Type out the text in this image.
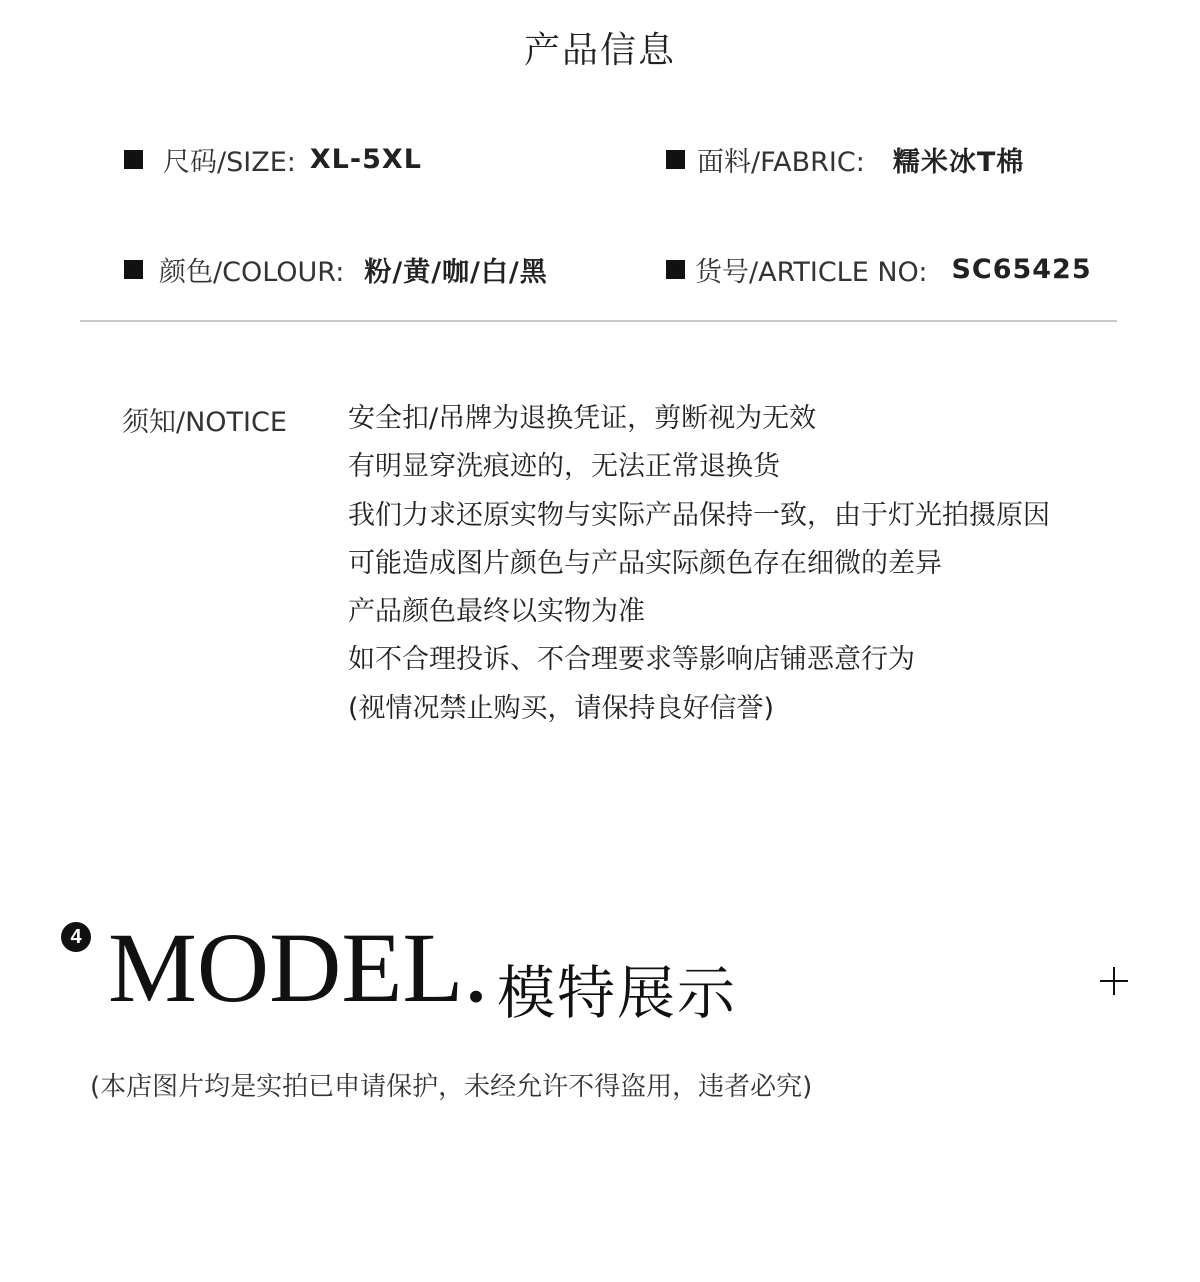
产品信息
尺码/SIZE: XL-5XL	面料/FABRIC: 糯米冰T棉
颜色/COLOUR: 粉/黄/咖/白/黑	货号/ARTICLE NO: SC65425
须知/NOTICE 安全扣/吊牌为退换凭证，剪断视为无效
有明显穿洗痕迹的，无法正常退换货
我们力求还原实物与实际产品保持一致，由于灯光拍摄原因
可能造成图片颜色与产品实际颜色存在细微的差异
产品颜色最终以实物为准
如不合理投诉、不合理要求等影响店铺恶意行为
(视情况禁止购买，请保持良好信誉)
4 MODEL. 模特展示
(本店图片均是实拍已申请保护，未经允许不得盗用，违者必究)
